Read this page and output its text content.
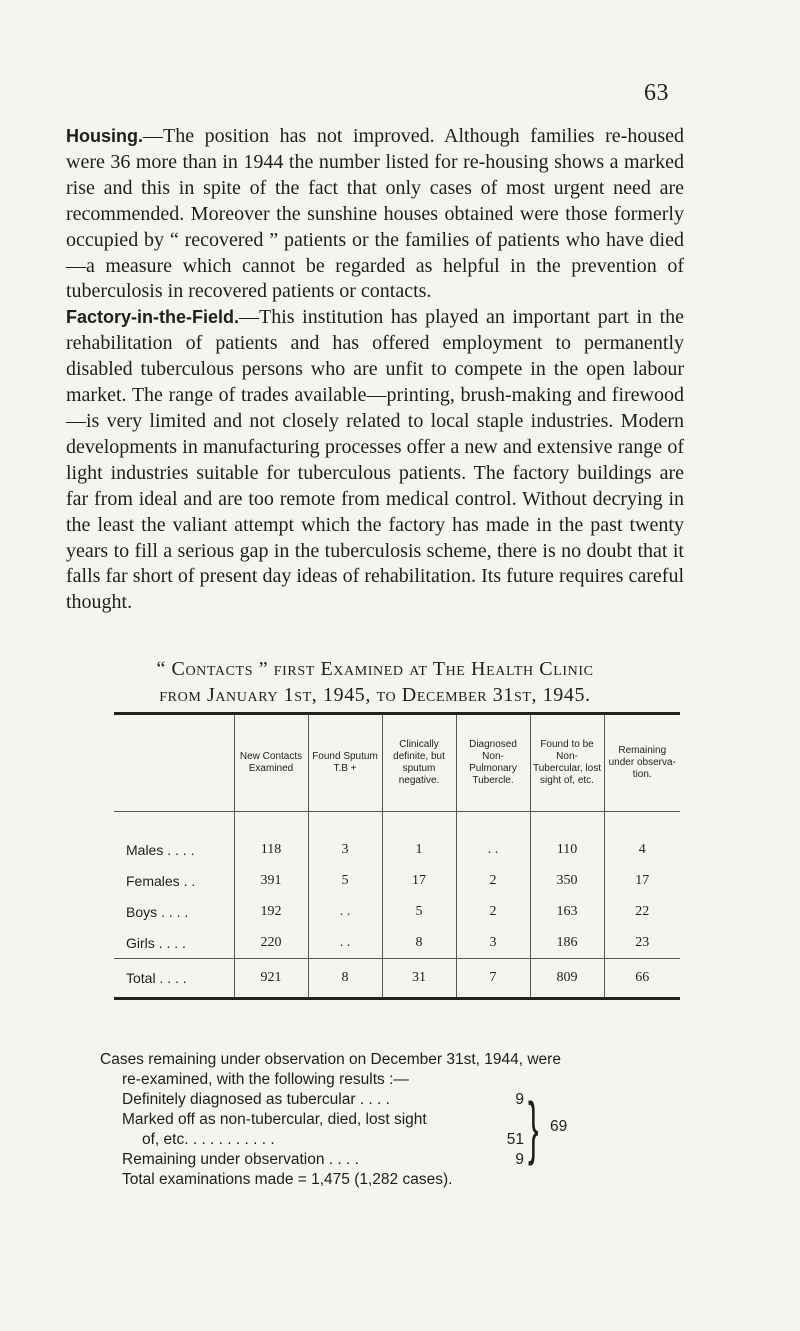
63

Housing.—The position has not improved. Although families re-housed were 36 more than in 1944 the number listed for re-housing shows a marked rise and this in spite of the fact that only cases of most urgent need are recommended. Moreover the sunshine houses obtained were those formerly occupied by “ recovered ” patients or the families of patients who have died—a measure which cannot be regarded as helpful in the prevention of tuberculosis in recovered patients or contacts.

Factory-in-the-Field.—This institution has played an important part in the rehabilitation of patients and has offered employment to permanently disabled tuberculous persons who are unfit to compete in the open labour market. The range of trades available—printing, brush-making and firewood—is very limited and not closely related to local staple industries. Modern developments in manufacturing processes offer a new and extensive range of light industries suitable for tuberculous patients. The factory buildings are far from ideal and are too remote from medical control. Without decrying in the least the valiant attempt which the factory has made in the past twenty years to fill a serious gap in the tuberculosis scheme, there is no doubt that it falls far short of present day ideas of rehabilitation. Its future requires careful thought.

“ Contacts ” first Examined at The Health Clinic
from January 1st, 1945, to December 31st, 1945.
	New Contacts Examined	Found Sputum T.B +	Clinically definite, but sputum negative.	Diagnosed Non-Pulmonary Tubercle.	Found to be Non-Tubercular, lost sight of, etc.	Remaining under observa-tion.
Males . . . .	118	3	1	. .	110	4
Females . .	391	5	17	2	350	17
Boys . . . .	192	. .	5	2	163	22
Girls . . . .	220	. .	8	3	186	23
Total . . . .	921	8	31	7	809	66
Cases remaining under observation on December 31st, 1944, were
re-examined, with the following results :—
Definitely diagnosed as tubercular . . . .	9
Marked off as non-tubercular, died, lost sight
of, etc. . . . . . . . . . .	51
Remaining under observation . . . .	9
Total examinations made = 1,475 (1,282 cases).
} 69
